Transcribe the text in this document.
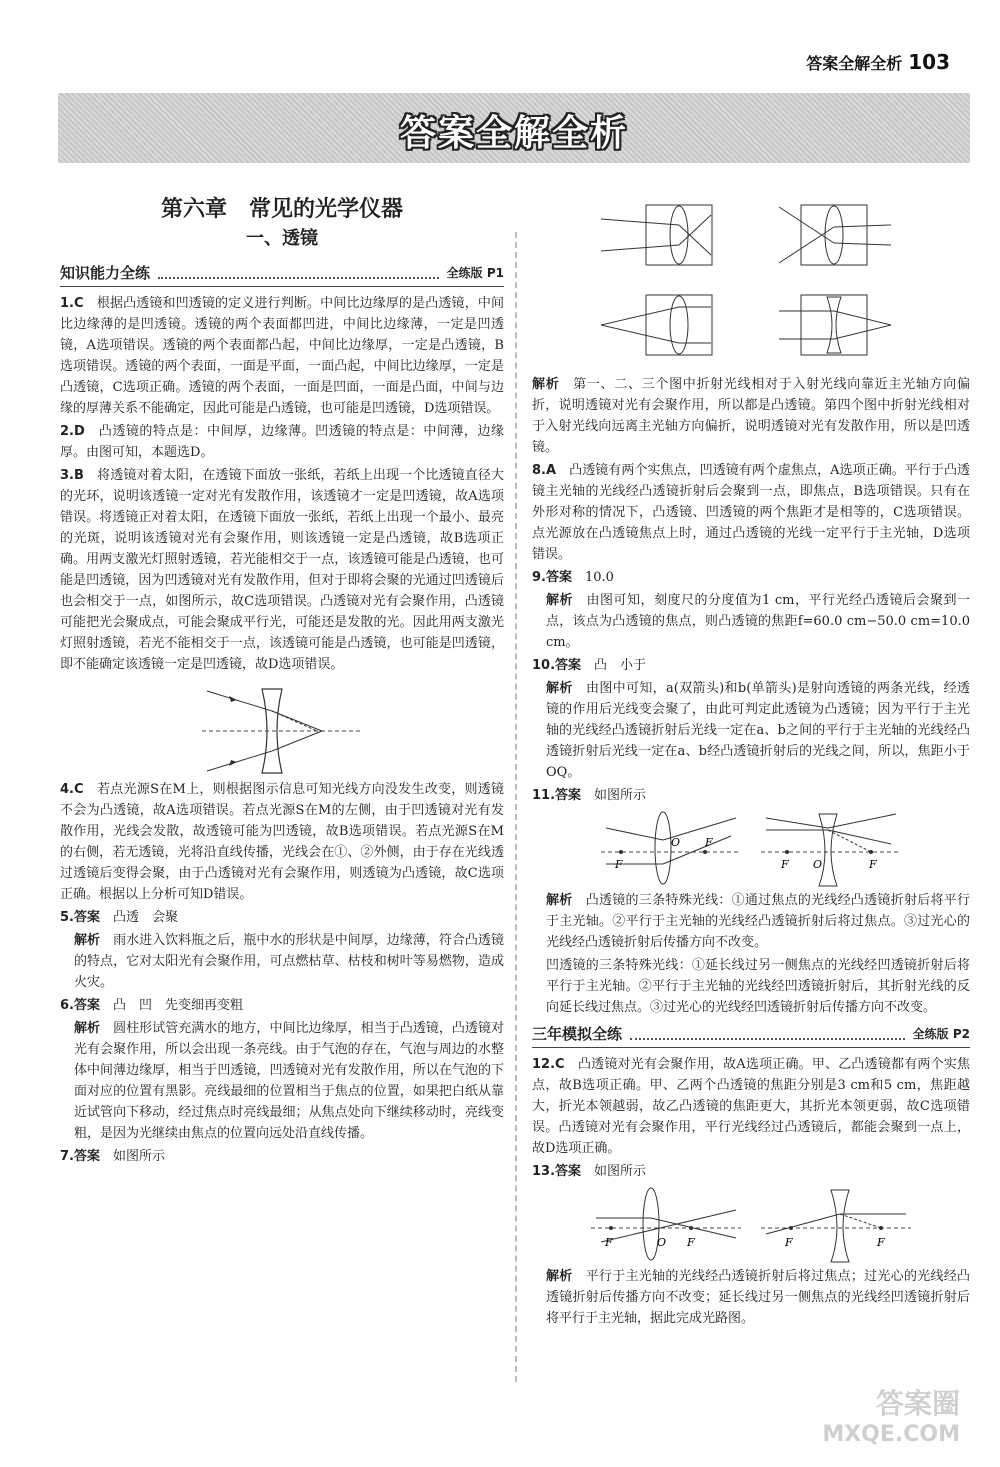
答案全解全析 103
答案全解全析
第六章　常见的光学仪器
一、透镜
知识能力全练	全练版 P1
1.C　 根据凸透镜和凹透镜的定义进行判断。中间比边缘厚的是凸透镜，中间比边缘薄的是凹透镜。透镜的两个表面都凹进，中间比边缘薄，一定是凹透镜，A选项错误。透镜的两个表面都凸起，中间比边缘厚，一定是凸透镜，B选项错误。透镜的两个表面，一面是平面，一面凸起，中间比边缘厚，一定是凸透镜，C选项正确。透镜的两个表面，一面是凹面，一面是凸面，中间与边缘的厚薄关系不能确定，因此可能是凸透镜，也可能是凹透镜，D选项错误。
2.D　 凸透镜的特点是：中间厚，边缘薄。凹透镜的特点是：中间薄，边缘厚。由图可知，本题选D。
3.B　 将透镜对着太阳，在透镜下面放一张纸，若纸上出现一个比透镜直径大的光环，说明该透镜一定对光有发散作用，该透镜才一定是凹透镜，故A选项错误。将透镜正对着太阳，在透镜下面放一张纸，若纸上出现一个最小、最亮的光斑，说明该透镜对光有会聚作用，则该透镜一定是凸透镜，故B选项正确。用两支激光灯照射透镜，若光能相交于一点，该透镜可能是凸透镜，也可能是凹透镜，因为凹透镜对光有发散作用，但对于即将会聚的光通过凹透镜后也会相交于一点，如图所示，故C选项错误。凸透镜对光有会聚作用，凸透镜可能把光会聚成点，可能会聚成平行光，可能还是发散的光。因此用两支激光灯照射透镜，若光不能相交于一点，该透镜可能是凸透镜，也可能是凹透镜，即不能确定该透镜一定是凹透镜，故D选项错误。
4.C　 若点光源S在M上，则根据图示信息可知光线方向没发生改变，则透镜不会为凸透镜，故A选项错误。若点光源S在M的左侧，由于凹透镜对光有发散作用，光线会发散，故透镜可能为凹透镜，故B选项错误。若点光源S在M的右侧，若无透镜，光将沿直线传播，光线会在①、②外侧，由于存在光线透过透镜后变得会聚，由于凸透镜对光有会聚作用，则透镜为凸透镜，故C选项正确。根据以上分析可知D错误。
5.答案　 凸透　会聚
解析　 雨水进入饮料瓶之后，瓶中水的形状是中间厚，边缘薄，符合凸透镜的特点，它对太阳光有会聚作用，可点燃枯草、枯枝和树叶等易燃物，造成火灾。
6.答案　 凸　凹　先变细再变粗
解析　 圆柱形试管充满水的地方，中间比边缘厚，相当于凸透镜，凸透镜对光有会聚作用，所以会出现一条亮线。由于气泡的存在，气泡与周边的水整体中间薄边缘厚，相当于凹透镜，凹透镜对光有发散作用，所以在气泡的下面对应的位置有黑影。亮线最细的位置相当于焦点的位置，如果把白纸从靠近试管向下移动，经过焦点时亮线最细；从焦点处向下继续移动时，亮线变粗，是因为光继续由焦点的位置向远处沿直线传播。
7.答案　 如图所示
解析　 第一、二、三个图中折射光线相对于入射光线向靠近主光轴方向偏折，说明透镜对光有会聚作用，所以都是凸透镜。第四个图中折射光线相对于入射光线向远离主光轴方向偏折，说明透镜对光有发散作用，所以是凹透镜。
8.A　 凸透镜有两个实焦点，凹透镜有两个虚焦点，A选项正确。平行于凸透镜主光轴的光线经凸透镜折射后会聚到一点，即焦点，B选项错误。只有在外形对称的情况下，凸透镜、凹透镜的两个焦距才是相等的，C选项错误。点光源放在凸透镜焦点上时，通过凸透镜的光线一定平行于主光轴，D选项错误。
9.答案　 10.0
解析　 由图可知，刻度尺的分度值为1 cm，平行光经凸透镜后会聚到一点，该点为凸透镜的焦点，则凸透镜的焦距f=60.0 cm−50.0 cm=10.0 cm。
10.答案　 凸　小于
解析　 由图中可知，a(双箭头)和b(单箭头)是射向透镜的两条光线，经透镜的作用后光线变会聚了，由此可判定此透镜为凸透镜；因为平行于主光轴的光线经凸透镜折射后光线一定在a、b之间的平行于主光轴的光线经凸透镜折射后光线一定在a、b经凸透镜折射后的光线之间，所以，焦距小于OQ。
11.答案　 如图所示
F
O F
F O	F
解析　 凸透镜的三条特殊光线：①通过焦点的光线经凸透镜折射后将平行于主光轴。②平行于主光轴的光线经凸透镜折射后将过焦点。③过光心的光线经凸透镜折射后传播方向不改变。
凹透镜的三条特殊光线：①延长线过另一侧焦点的光线经凹透镜折射后将平行于主光轴。②平行于主光轴的光线经凹透镜折射后，其折射光线的反向延长线过焦点。③过光心的光线经凹透镜折射后传播方向不改变。
三年模拟全练	全练版 P2
12.C　 凸透镜对光有会聚作用，故A选项正确。甲、乙凸透镜都有两个实焦点，故B选项正确。甲、乙两个凸透镜的焦距分别是3 cm和5 cm，焦距越大，折光本领越弱，故乙凸透镜的焦距更大，其折光本领更弱，故C选项错误。凸透镜对光有会聚作用，平行光线经过凸透镜后，都能会聚到一点上，故D选项正确。
13.答案　 如图所示
F	O F	F	F
解析　 平行于主光轴的光线经凸透镜折射后将过焦点；过光心的光线经凸透镜折射后传播方向不改变；延长线过另一侧焦点的光线经凹透镜折射后将平行于主光轴，据此完成光路图。
答案圈
MXQE.COM
